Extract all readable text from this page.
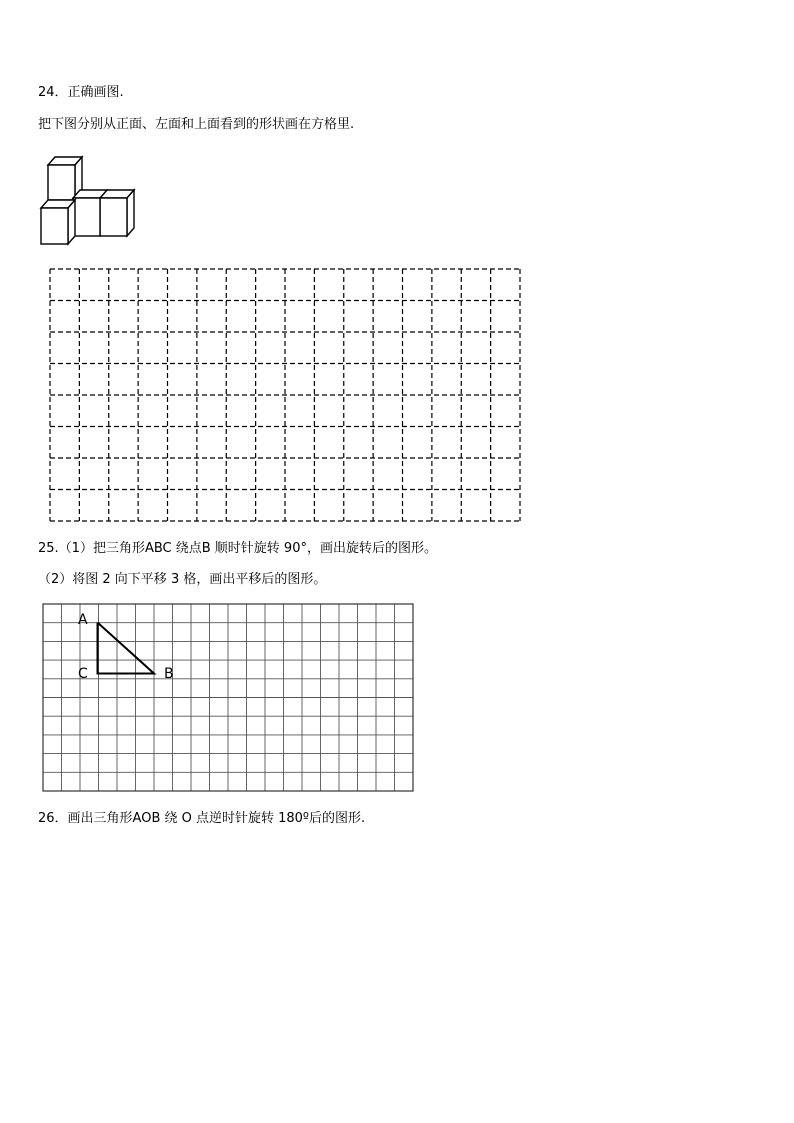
24．正确画图.
把下图分别从正面、左面和上面看到的形状画在方格里.
25.（1）把三角形ABC 绕点B 顺时针旋转 90°，画出旋转后的图形。
（2）将图 2 向下平移 3 格，画出平移后的图形。
A
C	B
26．画出三角形AOB 绕 O 点逆时针旋转 180º后的图形.
